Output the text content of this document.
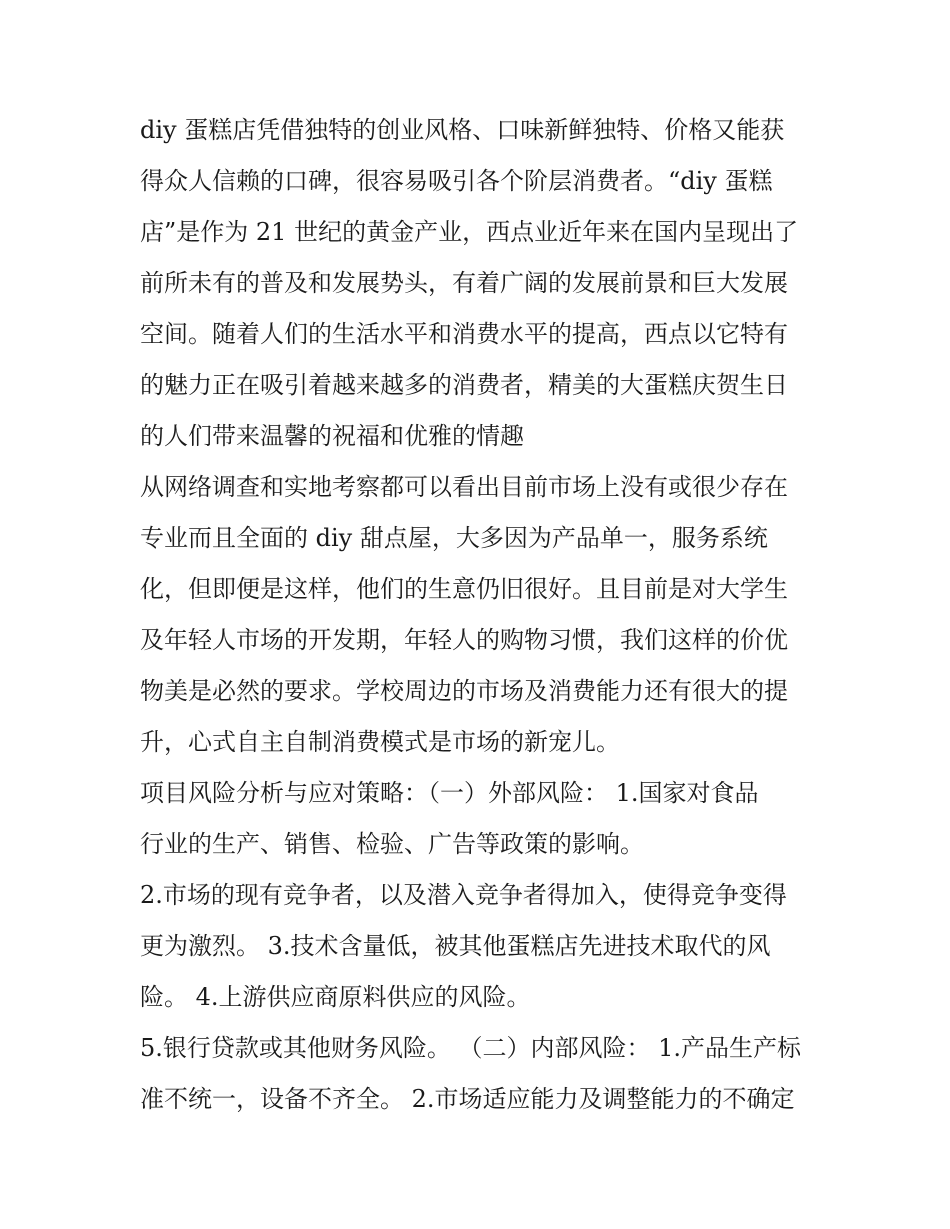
diy 蛋糕店凭借独特的创业风格、口味新鲜独特、价格又能获
得众人信赖的口碑，很容易吸引各个阶层消费者。“diy 蛋糕
店”是作为 21 世纪的黄金产业，西点业近年来在国内呈现出了
前所未有的普及和发展势头，有着广阔的发展前景和巨大发展
空间。随着人们的生活水平和消费水平的提高，西点以它特有
的魅力正在吸引着越来越多的消费者，精美的大蛋糕庆贺生日
的人们带来温馨的祝福和优雅的情趣
从网络调查和实地考察都可以看出目前市场上没有或很少存在
专业而且全面的 diy 甜点屋，大多因为产品单一，服务系统
化，但即便是这样，他们的生意仍旧很好。且目前是对大学生
及年轻人市场的开发期，年轻人的购物习惯，我们这样的价优
物美是必然的要求。学校周边的市场及消费能力还有很大的提
升，心式自主自制消费模式是市场的新宠儿。
项目风险分析与应对策略：（一）外部风险： 1.国家对食品
行业的生产、销售、检验、广告等政策的影响。
2.市场的现有竞争者，以及潜入竞争者得加入，使得竞争变得
更为激烈。 3.技术含量低，被其他蛋糕店先进技术取代的风
险。 4.上游供应商原料供应的风险。
5.银行贷款或其他财务风险。 （二）内部风险： 1.产品生产标
准不统一，设备不齐全。 2.市场适应能力及调整能力的不确定
